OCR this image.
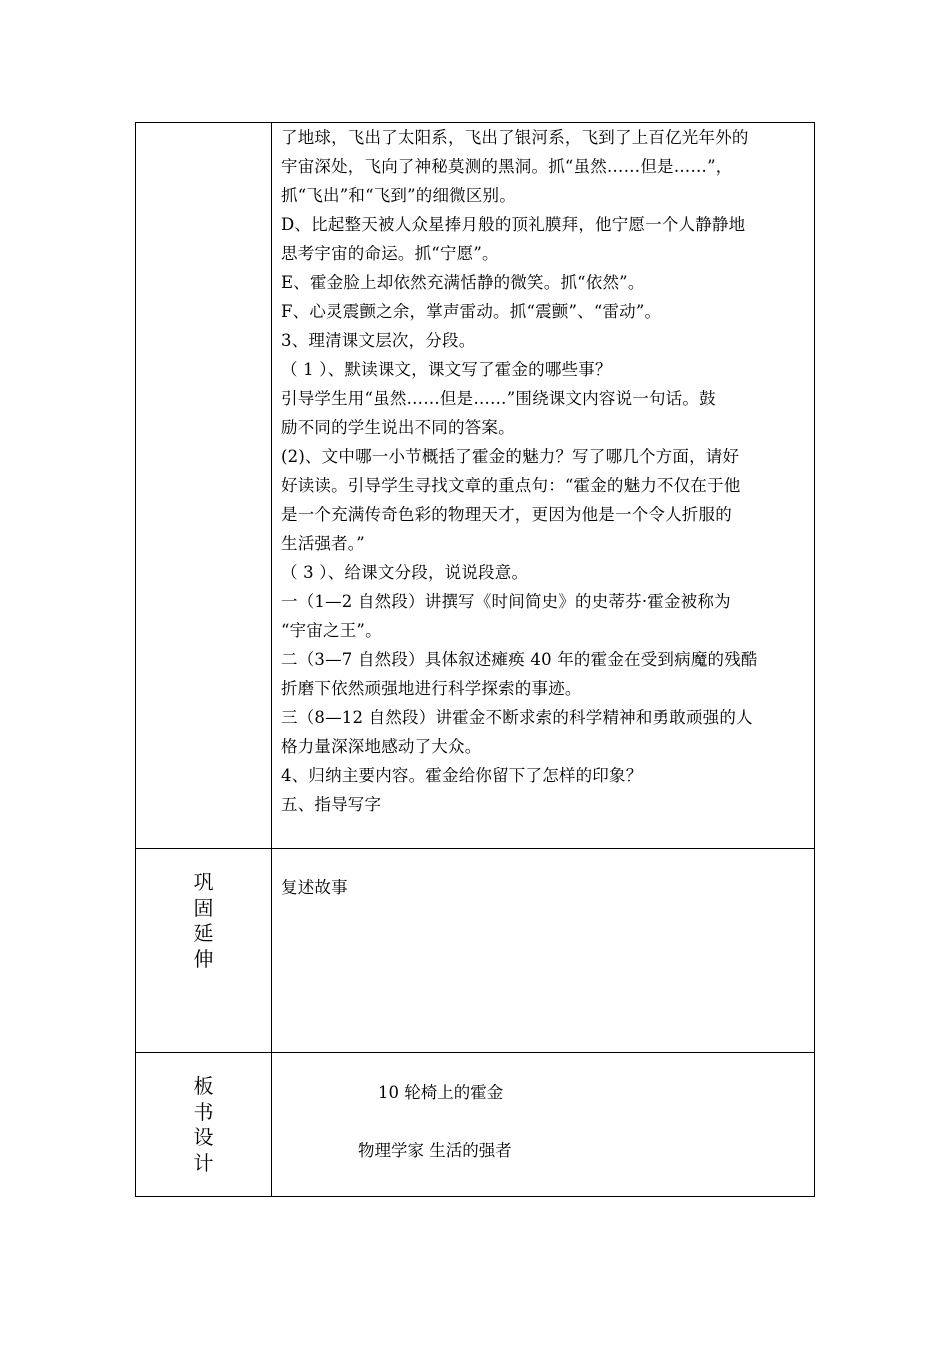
了地球，飞出了太阳系，飞出了银河系，飞到了上百亿光年外的

宇宙深处，飞向了神秘莫测的黑洞。抓“虽然……但是……”，

抓“飞出”和“飞到”的细微区别。

D、比起整天被人众星捧月般的顶礼膜拜，他宁愿一个人静静地

思考宇宙的命运。抓“宁愿”。

E、霍金脸上却依然充满恬静的微笑。抓“依然”。

F、心灵震颤之余，掌声雷动。抓“震颤”、“雷动”。

3、理清课文层次，分段。

（ 1 ）、默读课文，课文写了霍金的哪些事？

引导学生用“虽然……但是……”围绕课文内容说一句话。鼓

励不同的学生说出不同的答案。

(2)、文中哪一小节概括了霍金的魅力？写了哪几个方面，请好

好读读。引导学生寻找文章的重点句：“霍金的魅力不仅在于他

是一个充满传奇色彩的物理天才，更因为他是一个令人折服的

生活强者。”

（ 3 ）、给课文分段，说说段意。

一（1—2 自然段）讲撰写《时间简史》的史蒂芬·霍金被称为

“宇宙之王”。

二（3—7 自然段）具体叙述瘫痪 40 年的霍金在受到病魔的残酷

折磨下依然顽强地进行科学探索的事迹。

三（8—12 自然段）讲霍金不断求索的科学精神和勇敢顽强的人

格力量深深地感动了大众。

4、归纳主要内容。霍金给你留下了怎样的印象？

五、指导写字

巩
固
延
伸

复述故事

板
书
设
计

10 轮椅上的霍金

物理学家 生活的强者
